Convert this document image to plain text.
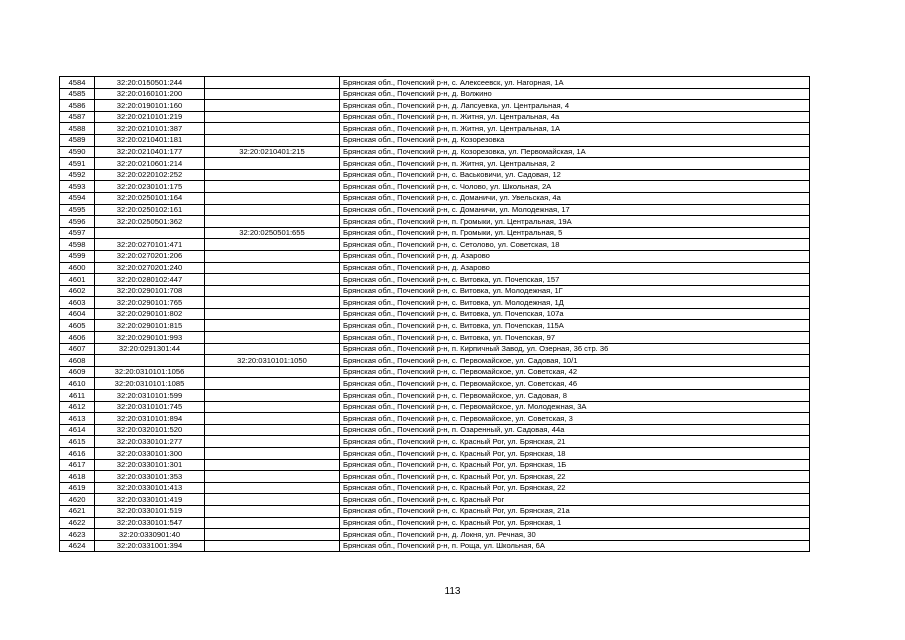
4584	32:20:0150501:244		Брянская обл., Почепский р-н, с. Алексеевск, ул. Нагорная, 1А
4585	32:20:0160101:200		Брянская обл., Почепский р-н, д. Волжино
4586	32:20:0190101:160		Брянская обл., Почепский р-н, д. Лапсуевка, ул. Центральная, 4
4587	32:20:0210101:219		Брянская обл., Почепский р-н, п. Житня, ул. Центральная, 4а
4588	32:20:0210101:387		Брянская обл., Почепский р-н, п. Житня, ул. Центральная, 1А
4589	32:20:0210401:181		Брянская обл., Почепский р-н, д. Козорезовка
4590	32:20:0210401:177	32:20:0210401:215	Брянская обл., Почепский р-н, д. Козорезовка, ул. Первомайская, 1А
4591	32:20:0210601:214		Брянская обл., Почепский р-н, п. Житня, ул. Центральная, 2
4592	32:20:0220102:252		Брянская обл., Почепский р-н, с. Васьковичи, ул. Садовая, 12
4593	32:20:0230101:175		Брянская обл., Почепский р-н, с. Чолово, ул. Школьная, 2А
4594	32:20:0250101:164		Брянская обл., Почепский р-н, с. Доманичи, ул. Увельская, 4а
4595	32:20:0250102:161		Брянская обл., Почепский р-н, с. Доманичи, ул. Молодежная, 17
4596	32:20:0250501:362		Брянская обл., Почепский р-н, п. Громыки, ул. Центральная, 19А
4597		32:20:0250501:655	Брянская обл., Почепский р-н, п. Громыки, ул. Центральная, 5
4598	32:20:0270101:471		Брянская обл., Почепский р-н, с. Сетолово, ул. Советская, 18
4599	32:20:0270201:206		Брянская обл., Почепский р-н, д. Азарово
4600	32:20:0270201:240		Брянская обл., Почепский р-н, д. Азарово
4601	32:20:0280102:447		Брянская обл., Почепский р-н, с. Витовка, ул. Почепская, 157
4602	32:20:0290101:708		Брянская обл., Почепский р-н, с. Витовка, ул. Молодежная, 1Г
4603	32:20:0290101:765		Брянская обл., Почепский р-н, с. Витовка, ул. Молодежная, 1Д
4604	32:20:0290101:802		Брянская обл., Почепский р-н, с. Витовка, ул. Почепская, 107а
4605	32:20:0290101:815		Брянская обл., Почепский р-н, с. Витовка, ул. Почепская, 115А
4606	32:20:0290101:993		Брянская обл., Почепский р-н, с. Витовка, ул. Почепская, 97
4607	32:20:0291301:44		Брянская обл., Почепский р-н, п. Кирпичный Завод, ул. Озерная, 36 стр. 36
4608		32:20:0310101:1050	Брянская обл., Почепский р-н, с. Первомайское, ул. Садовая, 10/1
4609	32:20:0310101:1056		Брянская обл., Почепский р-н, с. Первомайское, ул. Советская, 42
4610	32:20:0310101:1085		Брянская обл., Почепский р-н, с. Первомайское, ул. Советская, 46
4611	32:20:0310101:599		Брянская обл., Почепский р-н, с. Первомайское, ул. Садовая, 8
4612	32:20:0310101:745		Брянская обл., Почепский р-н, с. Первомайское, ул. Молодежная, 3А
4613	32:20:0310101:894		Брянская обл., Почепский р-н, с. Первомайское, ул. Советская, 3
4614	32:20:0320101:520		Брянская обл., Почепский р-н, п. Озаренный, ул. Садовая, 44а
4615	32:20:0330101:277		Брянская обл., Почепский р-н, с. Красный Рог, ул. Брянская, 21
4616	32:20:0330101:300		Брянская обл., Почепский р-н, с. Красный Рог, ул. Брянская, 18
4617	32:20:0330101:301		Брянская обл., Почепский р-н, с. Красный Рог, ул. Брянская, 1Б
4618	32:20:0330101:353		Брянская обл., Почепский р-н, с. Красный Рог, ул. Брянская, 22
4619	32:20:0330101:413		Брянская обл., Почепский р-н, с. Красный Рог, ул. Брянская, 22
4620	32:20:0330101:419		Брянская обл., Почепский р-н, с. Красный Рог
4621	32:20:0330101:519		Брянская обл., Почепский р-н, с. Красный Рог, ул. Брянская, 21а
4622	32:20:0330101:547		Брянская обл., Почепский р-н, с. Красный Рог, ул. Брянская, 1
4623	32:20:0330901:40		Брянская обл., Почепский р-н, д. Локня, ул. Речная, 30
4624	32:20:0331001:394		Брянская обл., Почепский р-н, п. Роща, ул. Школьная, 6А
113
